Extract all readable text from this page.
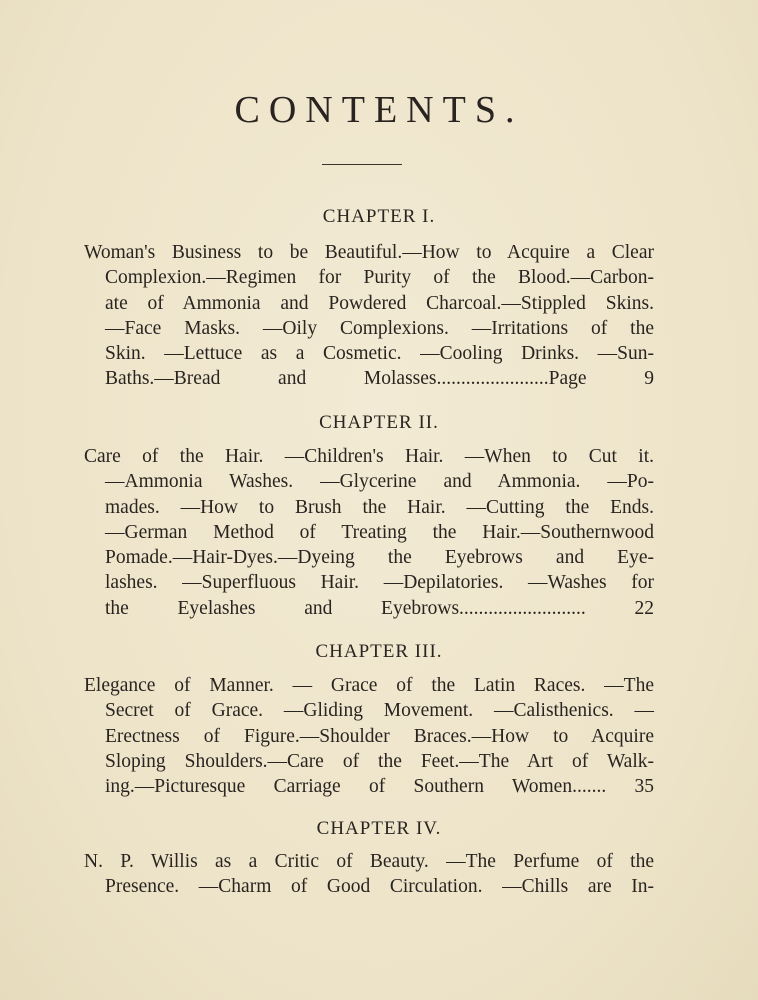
CONTENTS.
CHAPTER I.
Woman's Business to be Beautiful.—How to Acquire a Clear
Complexion.—Regimen for Purity of the Blood.—Carbon-
ate of Ammonia and Powdered Charcoal.—Stippled Skins.
—Face Masks. —Oily Complexions. —Irritations of the
Skin. —Lettuce as a Cosmetic. —Cooling Drinks. —Sun-
Baths.—Bread and Molasses.......................Page 9
CHAPTER II.
Care of the Hair. —Children's Hair. —When to Cut it.
—Ammonia Washes. —Glycerine and Ammonia. —Po-
mades. —How to Brush the Hair. —Cutting the Ends.
—German Method of Treating the Hair.—Southernwood
Pomade.—Hair-Dyes.—Dyeing the Eyebrows and Eye-
lashes. —Superfluous Hair. —Depilatories. —Washes for
the Eyelashes and Eyebrows.......................... 22
CHAPTER III.
Elegance of Manner. — Grace of the Latin Races. —The
Secret of Grace. —Gliding Movement. —Calisthenics. —
Erectness of Figure.—Shoulder Braces.—How to Acquire
Sloping Shoulders.—Care of the Feet.—The Art of Walk-
ing.—Picturesque Carriage of Southern Women....... 35
CHAPTER IV.
N. P. Willis as a Critic of Beauty. —The Perfume of the
Presence. —Charm of Good Circulation. —Chills are In-
